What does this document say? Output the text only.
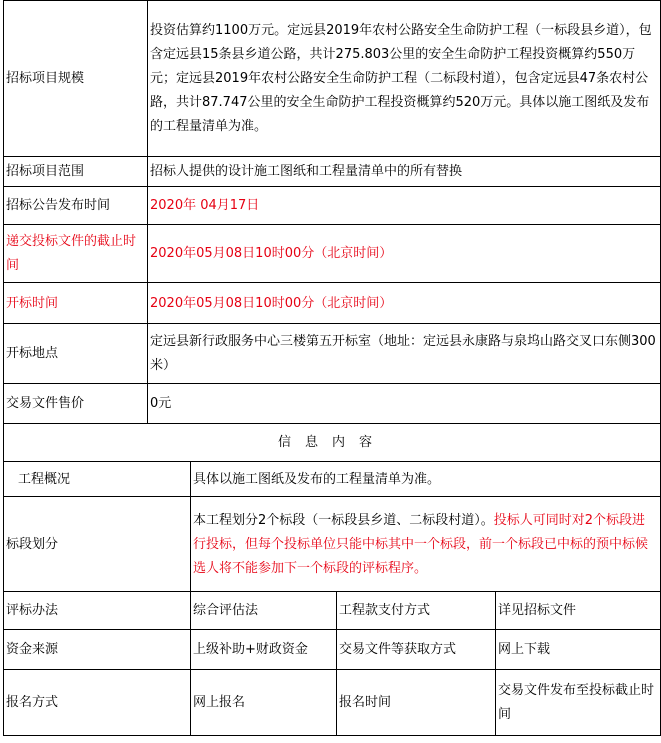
招标项目规模	投资估算约1100万元。定远县2019年农村公路安全生命防护工程（一标段县乡道），包含定远县15条县乡道公路，共计275.803公里的安全生命防护工程投资概算约550万元；定远县2019年农村公路安全生命防护工程（二标段村道），包含定远县47条农村公路，共计87.747公里的安全生命防护工程投资概算约520万元。具体以施工图纸及发布的工程量清单为准。			
招标项目范围	招标人提供的设计施工图纸和工程量清单中的所有替换			
招标公告发布时间	2020年 04月17日			
递交投标文件的截止时间	2020年05月08日10时00分（北京时间）			
开标时间	2020年05月08日10时00分（北京时间）			
开标地点	定远县新行政服务中心三楼第五开标室（地址：定远县永康路与泉坞山路交叉口东侧300米）			
交易文件售价	0元			
信息内容				
工程概况		具体以施工图纸及发布的工程量清单为准。		
标段划分		本工程划分2个标段（一标段县乡道、二标段村道）。投标人可同时对2个标段进行投标，但每个投标单位只能中标其中一个标段，前一个标段已中标的预中标候选人将不能参加下一个标段的评标程序。		
评标办法		综合评估法	工程款支付方式	详见招标文件
资金来源		上级补助+财政资金	交易文件等获取方式	网上下载
报名方式		网上报名	报名时间	交易文件发布至投标截止时间
